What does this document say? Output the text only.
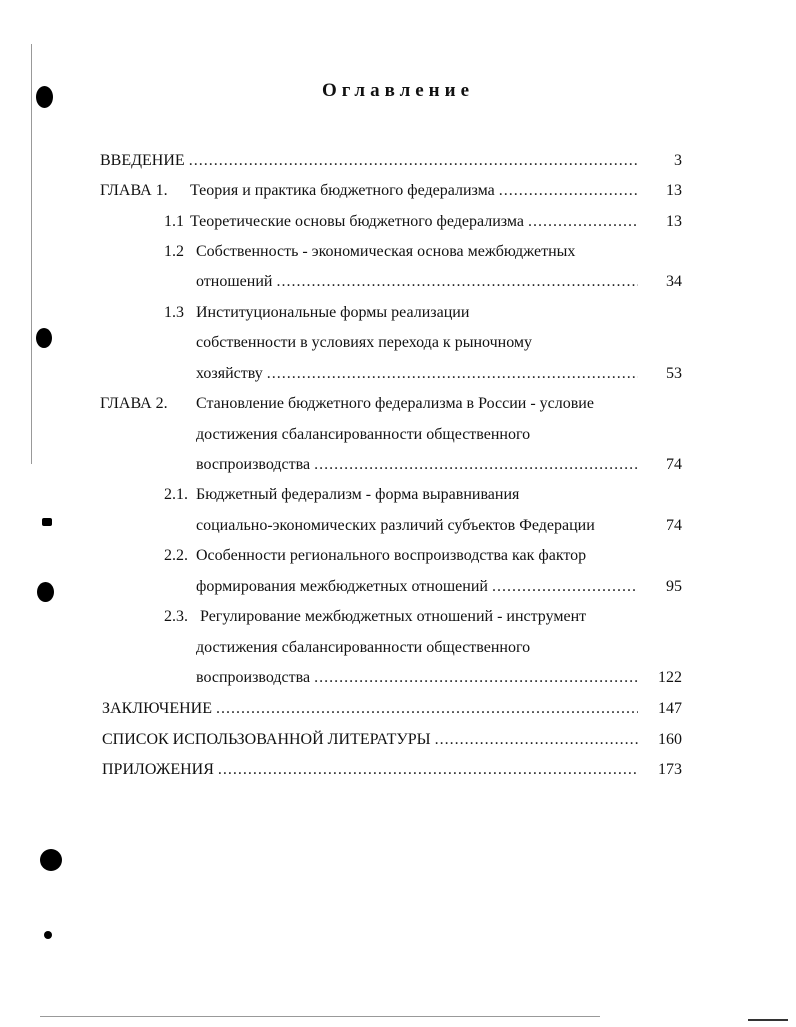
Оглавление
ВВЕДЕНИЕ .....	3
ГЛАВА 1. Теория и практика бюджетного федерализма .....	13
1.1 Теоретические основы бюджетного федерализма .....	13
1.2 Собственность - экономическая основа межбюджетных
отношений .....	34
1.3 Институциональные формы реализации
собственности в условиях перехода к рыночному
хозяйству .....	53
ГЛАВА 2. Становление бюджетного федерализма в России - условие
достижения сбалансированности общественного
воспроизводства .....	74
2.1. Бюджетный федерализм - форма выравнивания
социально-экономических различий субъектов Федерации	74
2.2. Особенности регионального воспроизводства как фактор
формирования межбюджетных отношений .....	95
2.3. Регулирование межбюджетных отношений - инструмент
достижения сбалансированности общественного
воспроизводства .....	122
ЗАКЛЮЧЕНИЕ .....	147
СПИСОК ИСПОЛЬЗОВАННОЙ ЛИТЕРАТУРЫ .....	160
ПРИЛОЖЕНИЯ .....	173
